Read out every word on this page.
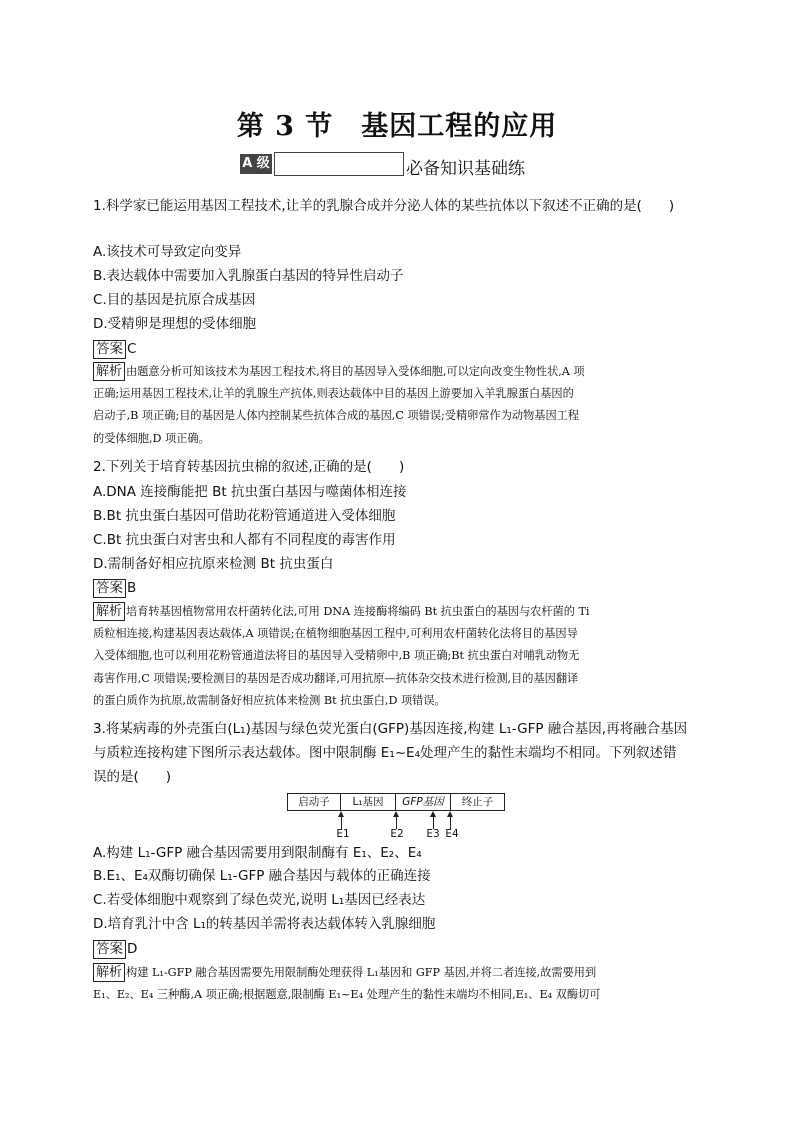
第 3 节　基因工程的应用
A 级	必备知识基础练
1.科学家已能运用基因工程技术,让羊的乳腺合成并分泌人体的某些抗体以下叙述不正确的是(　　)
A.该技术可导致定向变异
B.表达载体中需要加入乳腺蛋白基因的特异性启动子
C.目的基因是抗原合成基因
D.受精卵是理想的受体细胞
答案 C
解析 由题意分析可知该技术为基因工程技术,将目的基因导入受体细胞,可以定向改变生物性状,A 项
正确;运用基因工程技术,让羊的乳腺生产抗体,则表达载体中目的基因上游要加入羊乳腺蛋白基因的
启动子,B 项正确;目的基因是人体内控制某些抗体合成的基因,C 项错误;受精卵常作为动物基因工程
的受体细胞,D 项正确。
2.下列关于培育转基因抗虫棉的叙述,正确的是(　　)
A.DNA 连接酶能把 Bt 抗虫蛋白基因与噬菌体相连接
B.Bt 抗虫蛋白基因可借助花粉管通道进入受体细胞
C.Bt 抗虫蛋白对害虫和人都有不同程度的毒害作用
D.需制备好相应抗原来检测 Bt 抗虫蛋白
答案 B
解析 培育转基因植物常用农杆菌转化法,可用 DNA 连接酶将编码 Bt 抗虫蛋白的基因与农杆菌的 Ti
质粒相连接,构建基因表达载体,A 项错误;在植物细胞基因工程中,可利用农杆菌转化法将目的基因导
入受体细胞,也可以利用花粉管通道法将目的基因导入受精卵中,B 项正确;Bt 抗虫蛋白对哺乳动物无
毒害作用,C 项错误;要检测目的基因是否成功翻译,可用抗原—抗体杂交技术进行检测,目的基因翻译
的蛋白质作为抗原,故需制备好相应抗体来检测 Bt 抗虫蛋白,D 项错误。
3.将某病毒的外壳蛋白(L₁)基因与绿色荧光蛋白(GFP)基因连接,构建 L₁-GFP 融合基因,再将融合基因
与质粒连接构建下图所示表达载体。图中限制酶 E₁~E₄处理产生的黏性末端均不相同。下列叙述错
误的是(　　)
启动子	L₁基因	GFP基因	终止子
E1	E2	E3 E4
A.构建 L₁-GFP 融合基因需要用到限制酶有 E₁、E₂、E₄
B.E₁、E₄双酶切确保 L₁-GFP 融合基因与载体的正确连接
C.若受体细胞中观察到了绿色荧光,说明 L₁基因已经表达
D.培育乳汁中含 L₁的转基因羊需将表达载体转入乳腺细胞
答案 D
解析 构建 L₁-GFP 融合基因需要先用限制酶处理获得 L₁基因和 GFP 基因,并将二者连接,故需要用到
E₁、E₂、E₄ 三种酶,A 项正确;根据题意,限制酶 E₁~E₄ 处理产生的黏性末端均不相同,E₁、E₄ 双酶切可
